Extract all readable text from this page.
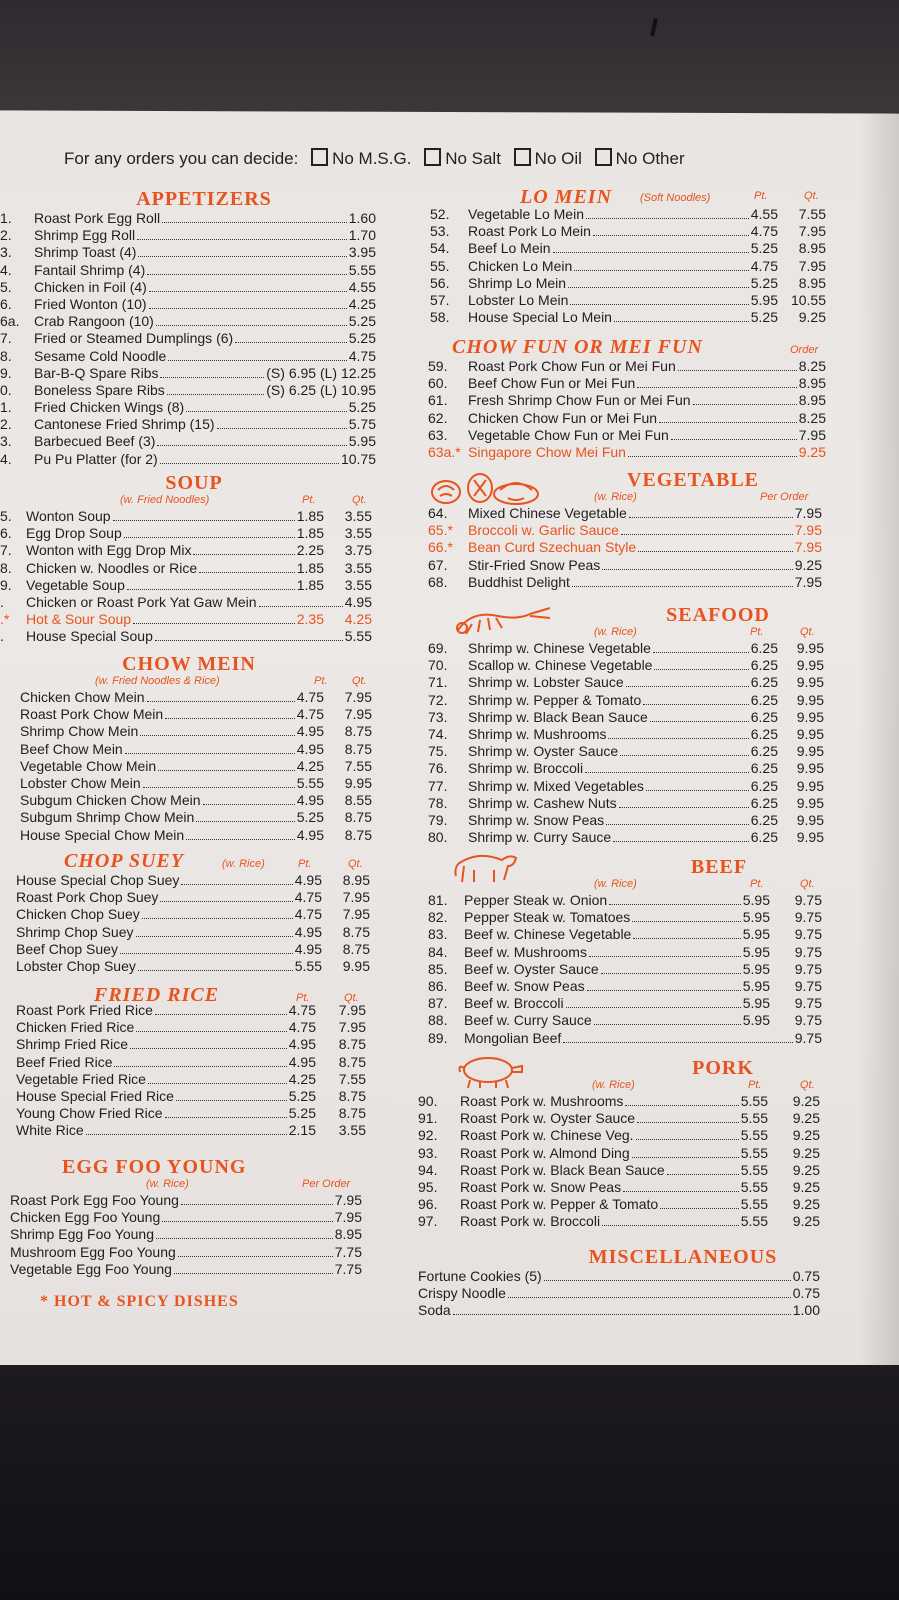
For any orders you can decide: No M.S.G. No Salt No Oil No Other
APPETIZERS
1. Roast Pork Egg Roll	1.60
2. Shrimp Egg Roll	1.70
3. Shrimp Toast (4)	3.95
4. Fantail Shrimp (4)	5.55
5. Chicken in Foil (4)	4.55
6. Fried Wonton (10)	4.25
6a. Crab Rangoon (10)	5.25
7. Fried or Steamed Dumplings (6)	5.25
8. Sesame Cold Noodle	4.75
9. Bar-B-Q Spare Ribs	(S) 6.95 (L) 12.25
0. Boneless Spare Ribs	(S) 6.25 (L) 10.95
1. Fried Chicken Wings (8)	5.25
2. Cantonese Fried Shrimp (15)	5.75
3. Barbecued Beef (3)	5.95
4. Pu Pu Platter (for 2)	10.75
SOUP
(w. Fried Noodles)	Pt.	Qt.
5. Wonton Soup	1.85 3.55
6. Egg Drop Soup	1.85 3.55
7. Wonton with Egg Drop Mix	2.25 3.75
8. Chicken w. Noodles or Rice	1.85 3.55
9. Vegetable Soup	1.85 3.55
. Chicken or Roast Pork Yat Gaw Mein	4.95
.* Hot & Sour Soup	2.35 4.25
. House Special Soup	5.55
CHOW MEIN
(w. Fried Noodles & Rice)	Pt. Qt.
Chicken Chow Mein	4.75 7.95
Roast Pork Chow Mein	4.75 7.95
Shrimp Chow Mein	4.95 8.75
Beef Chow Mein	4.95 8.75
Vegetable Chow Mein	4.25 7.55
Lobster Chow Mein	5.55 9.95
Subgum Chicken Chow Mein	4.95 8.55
Subgum Shrimp Chow Mein	5.25 8.75
House Special Chow Mein	4.95 8.75
CHOP SUEY	(w. Rice)	Pt.	Qt.
House Special Chop Suey	4.95 8.95
Roast Pork Chop Suey	4.75 7.95
Chicken Chop Suey	4.75 7.95
Shrimp Chop Suey	4.95 8.75
Beef Chop Suey	4.95 8.75
Lobster Chop Suey	5.55 9.95
FRIED RICE	Pt.	Qt.
Roast Pork Fried Rice	4.75 7.95
Chicken Fried Rice	4.75 7.95
Shrimp Fried Rice	4.95 8.75
Beef Fried Rice	4.95 8.75
Vegetable Fried Rice	4.25 7.55
House Special Fried Rice	5.25 8.75
Young Chow Fried Rice	5.25 8.75
White Rice	2.15 3.55
EGG FOO YOUNG
(w. Rice)	Per Order
Roast Pork Egg Foo Young	7.95
Chicken Egg Foo Young	7.95
Shrimp Egg Foo Young	8.95
Mushroom Egg Foo Young	7.75
Vegetable Egg Foo Young	7.75
* HOT & SPICY DISHES
LO MEIN	(Soft Noodles)	Pt.	Qt.
52. Vegetable Lo Mein	4.55 7.55
53. Roast Pork Lo Mein	4.75 7.95
54. Beef Lo Mein	5.25 8.95
55. Chicken Lo Mein	4.75 7.95
56. Shrimp Lo Mein	5.25 8.95
57. Lobster Lo Mein	5.95 10.55
58. House Special Lo Mein	5.25 9.25
CHOW FUN OR MEI FUN	Order
59. Roast Pork Chow Fun or Mei Fun	8.25
60. Beef Chow Fun or Mei Fun	8.95
61. Fresh Shrimp Chow Fun or Mei Fun	8.95
62. Chicken Chow Fun or Mei Fun	8.25
63. Vegetable Chow Fun or Mei Fun	7.95
63a.* Singapore Chow Mei Fun	9.25
VEGETABLE
(w. Rice)	Per Order
64. Mixed Chinese Vegetable	7.95
65.* Broccoli w. Garlic Sauce	7.95
66.* Bean Curd Szechuan Style	7.95
67. Stir-Fried Snow Peas	9.25
68. Buddhist Delight	7.95
SEAFOOD
(w. Rice)	Pt.	Qt.
69. Shrimp w. Chinese Vegetable	6.25 9.95
70. Scallop w. Chinese Vegetable	6.25 9.95
71. Shrimp w. Lobster Sauce	6.25 9.95
72. Shrimp w. Pepper & Tomato	6.25 9.95
73. Shrimp w. Black Bean Sauce	6.25 9.95
74. Shrimp w. Mushrooms	6.25 9.95
75. Shrimp w. Oyster Sauce	6.25 9.95
76. Shrimp w. Broccoli	6.25 9.95
77. Shrimp w. Mixed Vegetables	6.25 9.95
78. Shrimp w. Cashew Nuts	6.25 9.95
79. Shrimp w. Snow Peas	6.25 9.95
80. Shrimp w. Curry Sauce	6.25 9.95
BEEF
(w. Rice)	Pt.	Qt.
81. Pepper Steak w. Onion	5.95 9.75
82. Pepper Steak w. Tomatoes	5.95 9.75
83. Beef w. Chinese Vegetable	5.95 9.75
84. Beef w. Mushrooms	5.95 9.75
85. Beef w. Oyster Sauce	5.95 9.75
86. Beef w. Snow Peas	5.95 9.75
87. Beef w. Broccoli	5.95 9.75
88. Beef w. Curry Sauce	5.95 9.75
89. Mongolian Beef	9.75
PORK
(w. Rice)	Pt.	Qt.
90. Roast Pork w. Mushrooms	5.55 9.25
91. Roast Pork w. Oyster Sauce	5.55 9.25
92. Roast Pork w. Chinese Veg.	5.55 9.25
93. Roast Pork w. Almond Ding	5.55 9.25
94. Roast Pork w. Black Bean Sauce	5.55 9.25
95. Roast Pork w. Snow Peas	5.55 9.25
96. Roast Pork w. Pepper & Tomato	5.55 9.25
97. Roast Pork w. Broccoli	5.55 9.25
MISCELLANEOUS
Fortune Cookies (5)	0.75
Crispy Noodle	0.75
Soda	1.00
